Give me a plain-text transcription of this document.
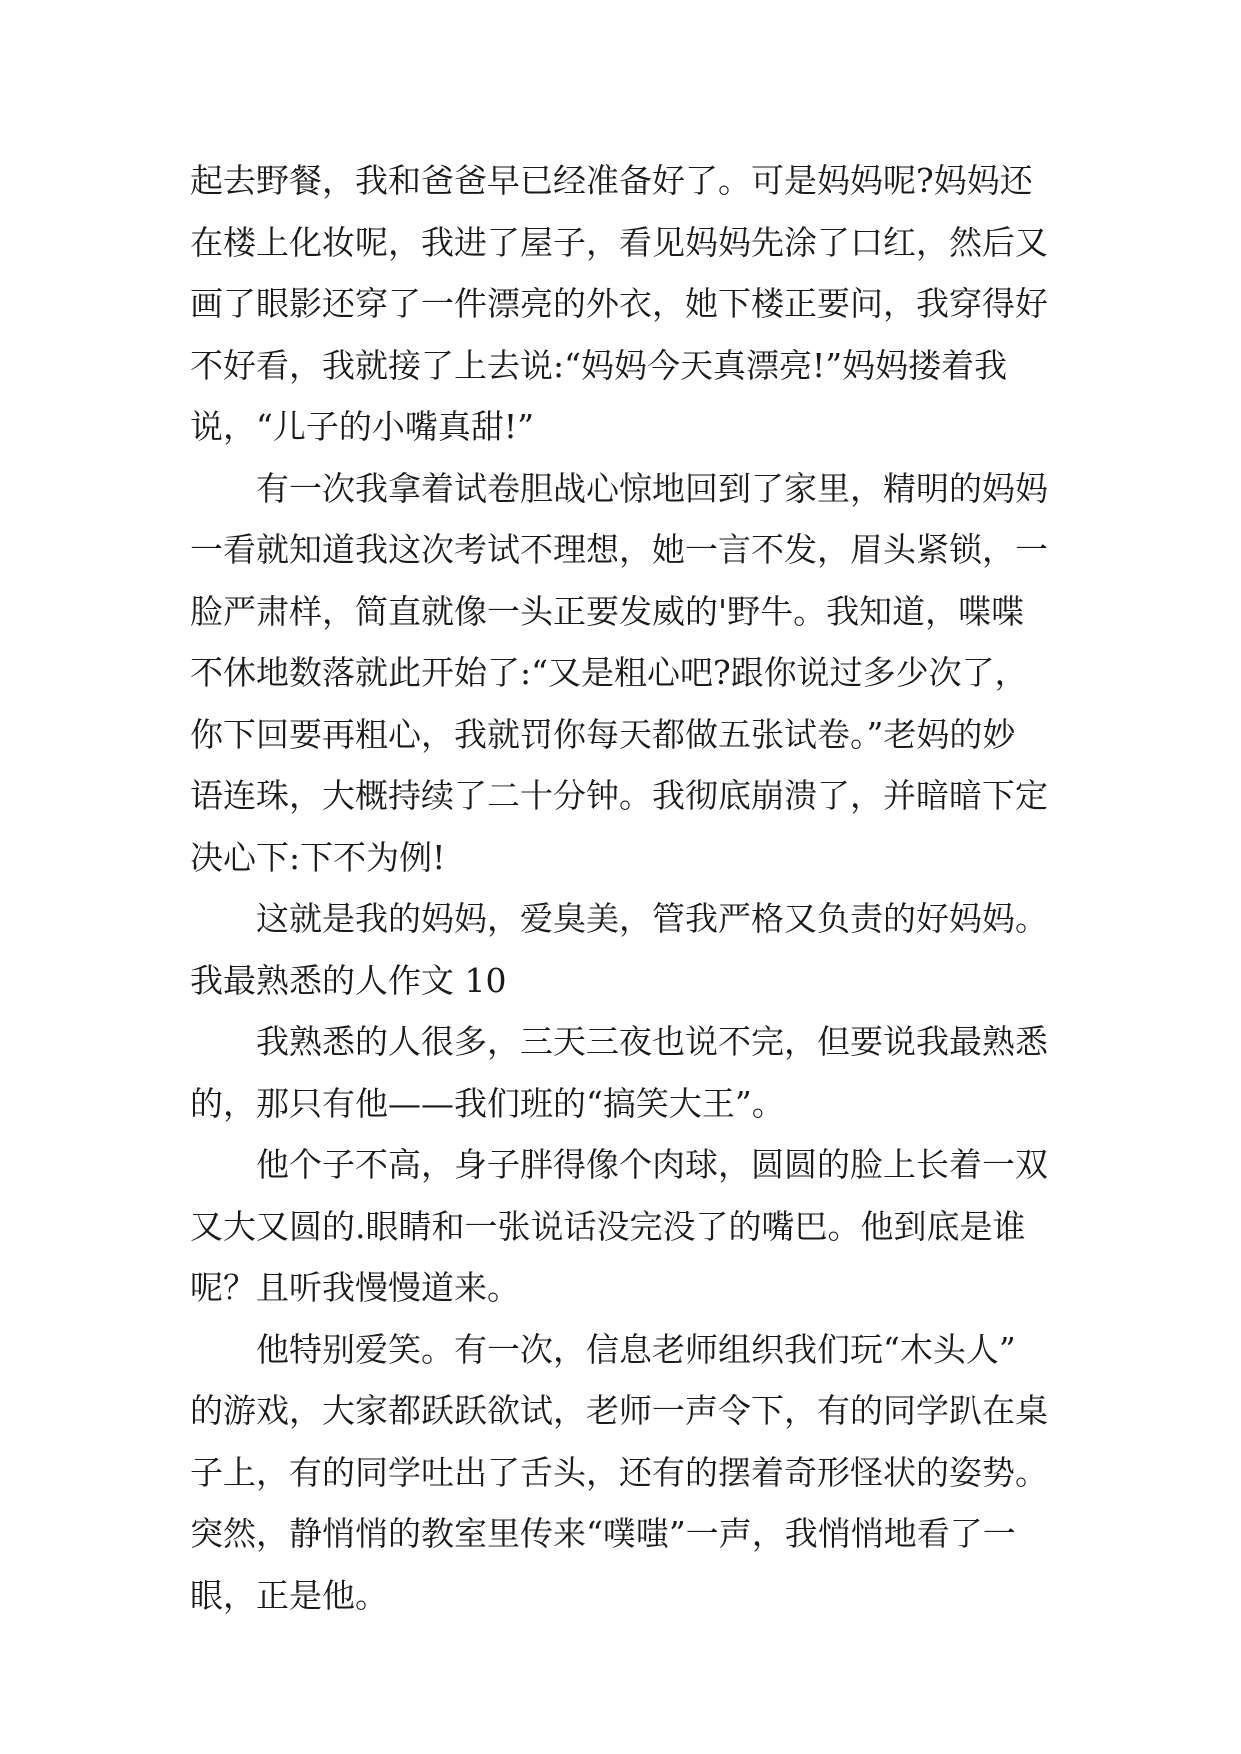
起去野餐，我和爸爸早已经准备好了。可是妈妈呢?妈妈还
在楼上化妆呢，我进了屋子，看见妈妈先涂了口红，然后又
画了眼影还穿了一件漂亮的外衣，她下楼正要问，我穿得好
不好看，我就接了上去说:“妈妈今天真漂亮!”妈妈搂着我
说，“儿子的小嘴真甜!”
有一次我拿着试卷胆战心惊地回到了家里，精明的妈妈
一看就知道我这次考试不理想，她一言不发，眉头紧锁，一
脸严肃样，简直就像一头正要发威的'野牛。我知道，喋喋
不休地数落就此开始了:“又是粗心吧?跟你说过多少次了，
你下回要再粗心，我就罚你每天都做五张试卷。”老妈的妙
语连珠，大概持续了二十分钟。我彻底崩溃了，并暗暗下定
决心下:下不为例!
这就是我的妈妈，爱臭美，管我严格又负责的好妈妈。
我最熟悉的人作文 10
我熟悉的人很多，三天三夜也说不完，但要说我最熟悉
的，那只有他——我们班的“搞笑大王”。
他个子不高，身子胖得像个肉球，圆圆的脸上长着一双
又大又圆的.眼睛和一张说话没完没了的嘴巴。他到底是谁
呢？且听我慢慢道来。
他特别爱笑。有一次，信息老师组织我们玩“木头人”
的游戏，大家都跃跃欲试，老师一声令下，有的同学趴在桌
子上，有的同学吐出了舌头，还有的摆着奇形怪状的姿势。
突然，静悄悄的教室里传来“噗嗤”一声，我悄悄地看了一
眼，正是他。
